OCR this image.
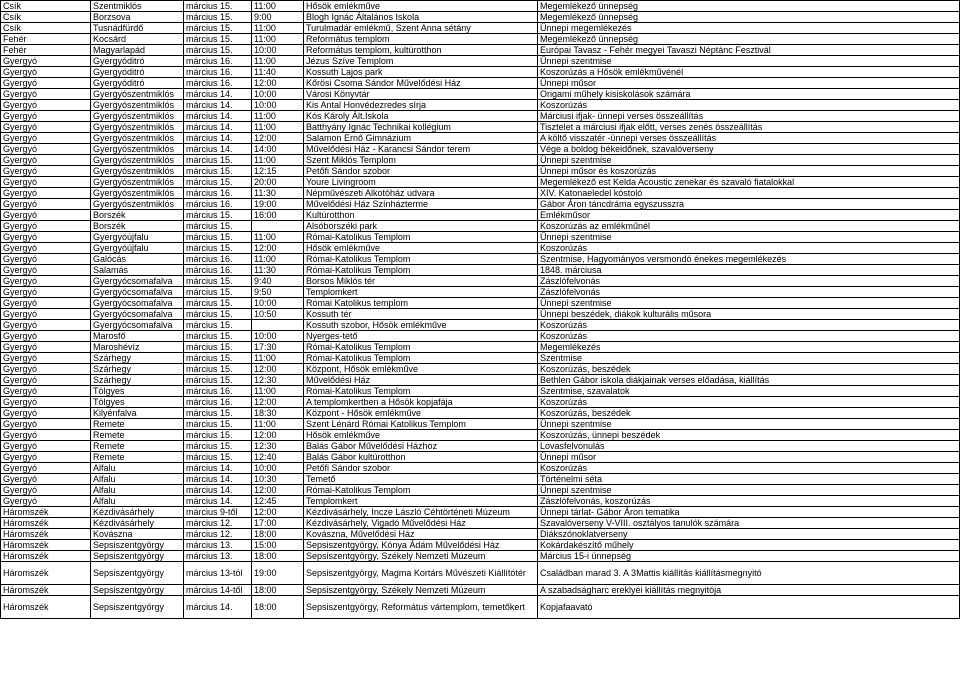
Csík	Szentmiklós	március 15.	11:00	Hősök emlékműve	Megemlékező ünnepség
Csík	Borzsova	március 15.	9:00	Blogh Ignác Általános Iskola	Megemlékező ünnepség
Csík	Tusnádfürdő	március 15.	11:00	Turulmadár emlékmű, Szent Anna sétány	Ünnepi megemlékezés
Fehér	Kocsárd	március 15.	11:00	Református templom	Megemlékező ünnepség
Fehér	Magyarlapád	március 15.	10:00	Református templom, kultúrotthon	Európai Tavasz - Fehér megyei Tavaszi Néptánc Fesztivál
Gyergyó	Gyergyóditró	március 16.	11:00	Jézus Szíve Templom	Ünnepi szentmise
Gyergyó	Gyergyóditró	március 16.	11:40	Kossuth Lajos park	Koszorúzás a Hősök emlékművénél
Gyergyó	Gyergyóditró	március 16.	12:00	Kőrösi Csoma Sándor Művelődési Ház	Ünnepi műsor
Gyergyó	Gyergyószentmiklós	március 14.	10:00	Városi Könyvtár	Origami műhely kisiskolások számára
Gyergyó	Gyergyószentmiklós	március 14.	10:00	Kis Antal Honvédezredes sírja	Koszorúzás
Gyergyó	Gyergyószentmiklós	március 14.	11:00	Kós Károly Ált.Iskola	Márciusi ifjak- ünnepi verses összeállítás
Gyergyó	Gyergyószentmiklós	március 14.	11:00	Batthyány Ignác Technikai kollégium	Tisztelet a márciusi ifjak előtt, verses zenés összeállítás
Gyergyó	Gyergyószentmiklós	március 14.	12:00	Salamon Ernő Gimnázium	A költő visszatér -ünnepi verses összeállítás
Gyergyó	Gyergyószentmiklós	március 14.	14:00	Művelődési Ház - Karancsi Sándor terem	Vége a boldog békeidőnek, szavalóverseny
Gyergyó	Gyergyószentmiklós	március 15.	11:00	Szent Miklós Templom	Ünnepi szentmise
Gyergyó	Gyergyószentmiklós	március 15.	12:15	Petőfi Sándor szobor	Ünnepi műsor és koszorúzás
Gyergyó	Gyergyószentmiklós	március 15.	20:00	Youre Livingroom	Megemlékező est Kelda Acoustic zenekar és szavaló fiatalokkal
Gyergyó	Gyergyószentmiklós	március 16.	11:30	Népművészeti Alkotóház udvara	XIV. Katonaeledel kóstoló
Gyergyó	Gyergyószentmiklós	március 16.	19:00	Művelődési Ház Színházterme	Gábor Áron táncdráma egyszusszra
Gyergyó	Borszék	március 15.	16:00	Kultúrotthon	Emlékműsor
Gyergyó	Borszék	március 15.		Alsóborszéki park	Koszorúzás az emlékműnél
Gyergyó	Gyergyóújfalu	március 15.	11:00	Római-Katolikus Templom	Ünnepi szentmise
Gyergyó	Gyergyóújfalu	március 15.	12:00	Hősök emlékműve	Koszorúzás
Gyergyó	Galócás	március 16.	11:00	Római-Katolikus Templom	Szentmise, Hagyományos versmondó énekes megemlékezés
Gyergyó	Salamás	március 16.	11:30	Római-Katolikus Templom	1848. márciusa
Gyergyó	Gyergyócsomafalva	március 15.	9:40	Borsos Miklós tér	Zászlófelvonás
Gyergyó	Gyergyócsomafalva	március 15.	9:50	Templomkert	Zászlófelvonás
Gyergyó	Gyergyócsomafalva	március 15.	10:00	Római Katolikus templom	Ünnepi szentmise
Gyergyó	Gyergyócsomafalva	március 15.	10:50	Kossuth tér	Ünnepi beszédek, diákok kulturális műsora
Gyergyó	Gyergyócsomafalva	március 15.		Kossuth szobor, Hősök emlékműve	Koszorúzás
Gyergyó	Marosfő	március 15.	10:00	Nyerges-tető	Koszorúzás
Gyergyó	Maroshévíz	március 15.	17:30	Római-Katolikus Templom	Megemlékezés
Gyergyó	Szárhegy	március 15.	11:00	Római-Katolikus Templom	Szentmise
Gyergyó	Szárhegy	március 15.	12:00	Központ, Hősök emlékműve	Koszorúzás, beszédek
Gyergyó	Szárhegy	március 15.	12:30	Művelődési Ház	Bethlen Gábor iskola diákjainak verses előadása, kiállítás
Gyergyó	Tölgyes	március 16.	11:00	Római-Katolikus Templom	Szentmise, szavalatok
Gyergyó	Tölgyes	március 16.	12:00	A templomkertben a Hősök kopjafája	Koszorúzás
Gyergyó	Kilyénfalva	március 15.	18:30	Központ - Hősök emlékműve	Koszorúzás, beszédek
Gyergyó	Remete	március 15.	11:00	Szent Lénárd Római Katolikus Templom	Ünnepi szentmise
Gyergyó	Remete	március 15.	12:00	Hősök emlékműve	Koszorúzás, ünnepi beszédek
Gyergyó	Remete	március 15.	12:30	Balás Gábor Művelődési Házhoz	Lovasfelvonulás
Gyergyó	Remete	március 15.	12:40	Balás Gábor kultúrotthon	Ünnepi műsor
Gyergyó	Alfalu	március 14.	10:00	Petőfi Sándor szobor	Koszorúzás
Gyergyó	Alfalu	március 14.	10:30	Temető	Történelmi séta
Gyergyó	Alfalu	március 14.	12:00	Római-Katolikus Templom	Ünnepi szentmise
Gyergyó	Alfalu	március 14.	12:45	Templomkert	Zászlófelvonás, koszorúzás
Háromszék	Kézdivásárhely	március 9-től	12:00	Kézdivásárhely, Incze László Céhtörténeti Múzeum	Ünnepi tárlat- Gábor Áron tematika
Háromszék	Kézdivásárhely	március 12.	17:00	Kézdivásárhely, Vigadó Művelődési Ház	Szavalóverseny V-VIII. osztályos tanulók számára
Háromszék	Kovászna	március 12.	18:00	Kovászna, Művelődési Ház	Diákszónoklatverseny
Háromszék	Sepsiszentgyörgy	március 13.	15:00	Sepsiszentgyörgy, Kónya Ádám Művelődési Ház	Kokárdakészítő műhely
Háromszék	Sepsiszentgyörgy	március 13.	18:00	Sepsiszentgyörgy, Székely Nemzeti Múzeum	Március 15-i ünnepség
Háromszék	Sepsiszentgyörgy	március 13-tól	19:00	Sepsiszentgyörgy, Magma Kortárs Művészeti Kiállítótér	Családban marad 3. A 3Mattis kiállítás kiállításmegnyitó
Háromszék	Sepsiszentgyörgy	március 14-től	18:00	Sepsiszentgyörgy, Székely Nemzeti Múzeum	A szabadságharc ereklyéi kiállítás megnyitója
Háromszék	Sepsiszentgyörgy	március 14.	18:00	Sepsiszentgyörgy, Református vártemplom, temetőkert	Kopjafaavató
